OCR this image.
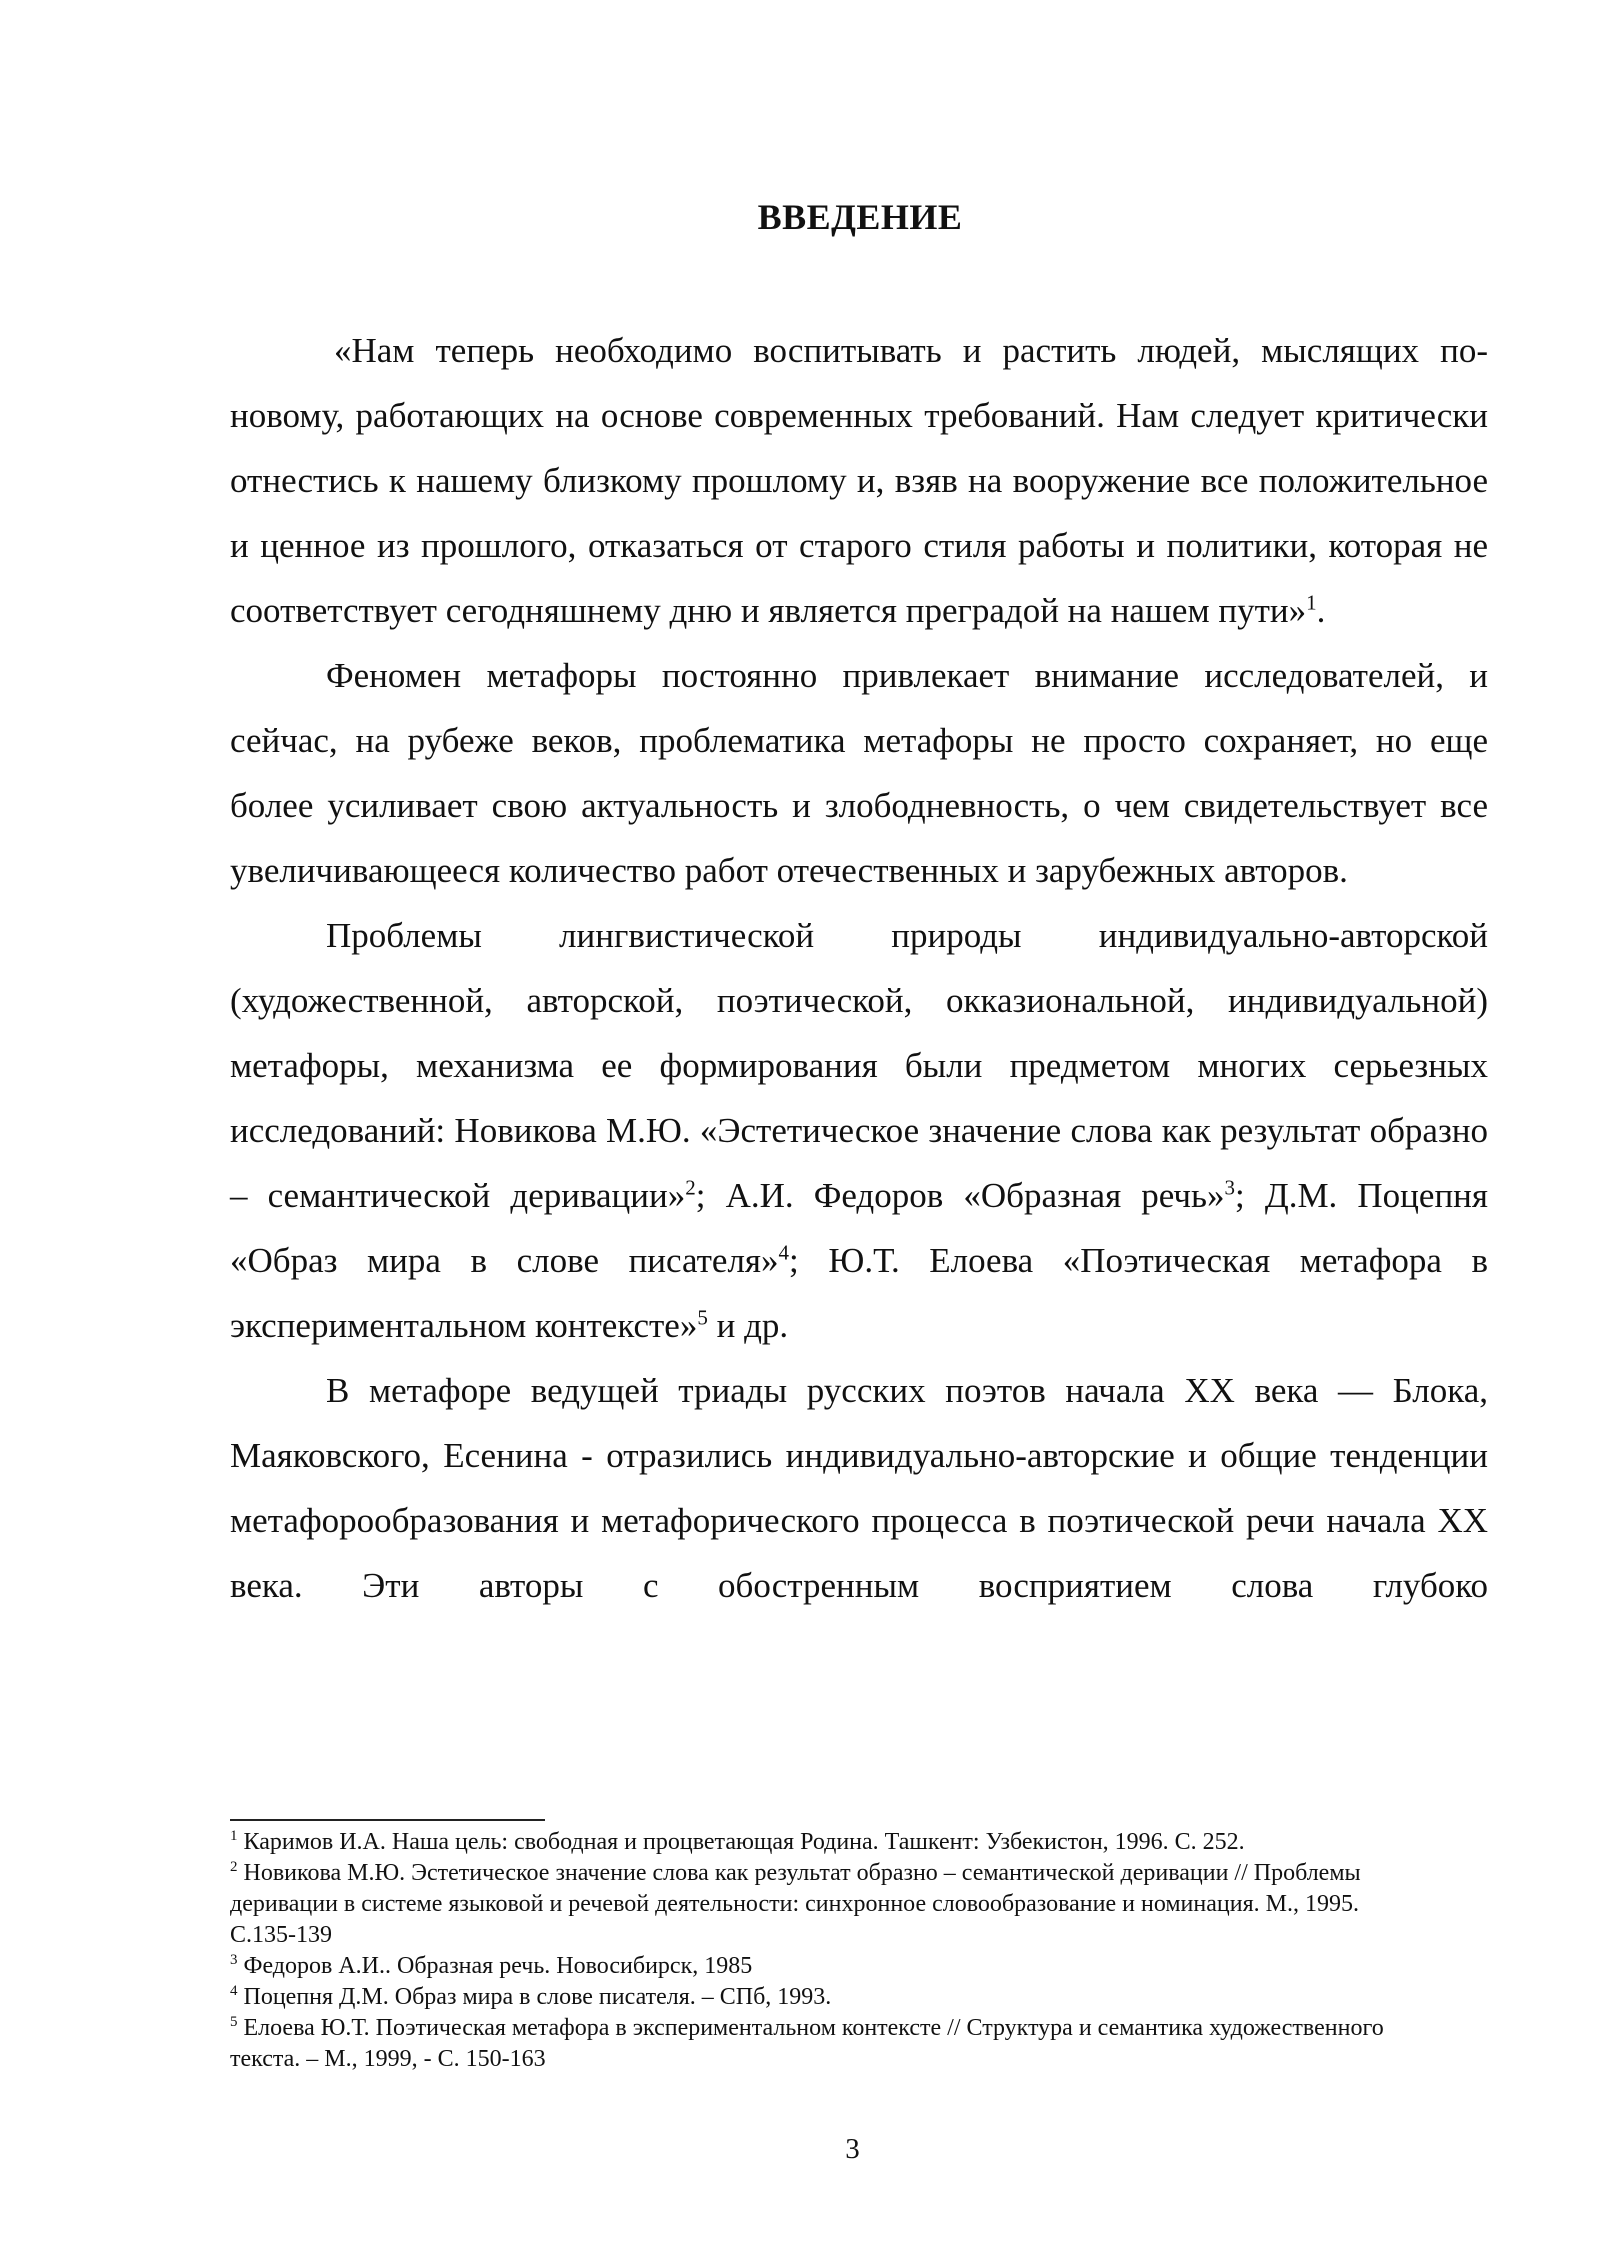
ВВЕДЕНИЕ

«Нам теперь необходимо воспитывать и растить людей, мыслящих по-новому, работающих на основе современных требований. Нам следует критически отнестись к нашему близкому прошлому и, взяв на вооружение все положительное и ценное из прошлого, отказаться от старого стиля работы и политики, которая не соответствует сегодняшнему дню и является преградой на нашем пути»$^1$.

Феномен метафоры постоянно привлекает внимание исследователей, и сейчас, на рубеже веков, проблематика метафоры не просто сохраняет, но еще более усиливает свою актуальность и злободневность, о чем свидетельствует все увеличивающееся количество работ отечественных и зарубежных авторов.

Проблемы лингвистической природы индивидуально-авторской (художественной, авторской, поэтической, окказиональной, индивидуальной) метафоры, механизма ее формирования были предметом многих серьезных исследований: Новикова М.Ю. «Эстетическое значение слова как результат образно – семантической деривации»$^2$; А.И. Федоров «Образная речь»$^3$; Д.М. Поцепня «Образ мира в слове писателя»$^4$; Ю.Т. Елоева «Поэтическая метафора в экспериментальном контексте»$^5$ и др.

В метафоре ведущей триады русских поэтов начала XX века — Блока, Маяковского, Есенина - отразились индивидуально-авторские и общие тенденции метафорообразования и метафорического процесса в поэтической речи начала XX века. Эти авторы с обостренным восприятием слова глубоко

$^1$ Каримов И.А. Наша цель: свободная и процветающая Родина. Ташкент: Узбекистон, 1996. С. 252.

$^2$ Новикова М.Ю. Эстетическое значение слова как результат образно – семантической деривации // Проблемы деривации в системе языковой и речевой деятельности: синхронное словообразование и номинация. М., 1995. С.135-139

$^3$ Федоров А.И.. Образная речь. Новосибирск, 1985

$^4$ Поцепня Д.М. Образ мира в слове писателя. – СПб, 1993.

$^5$ Елоева Ю.Т. Поэтическая метафора в экспериментальном контексте // Структура и семантика художественного текста. – М., 1999, - С. 150-163

3
